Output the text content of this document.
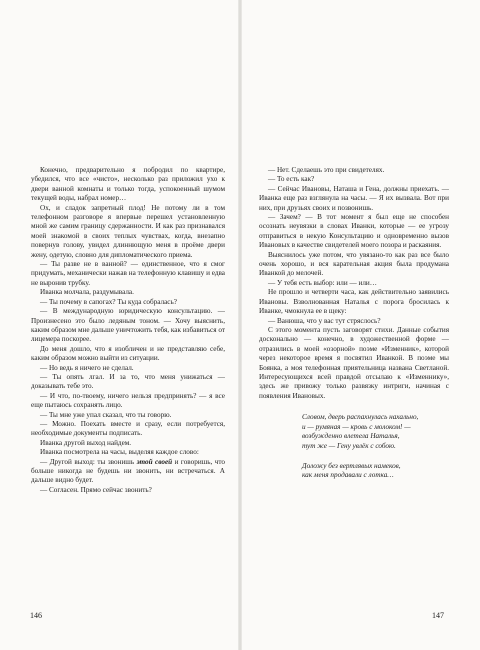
Конечно, предварительно я побродил по квартире, убедился, что все «чисто», несколько раз приложил ухо к двери ванной комнаты и только тогда, успокоенный шумом текущей воды, набрал номер…

Ох, и сладок запретный плод! Не потому ли в том телефонном разговоре я впервые перешел установленную мной же самим границу сдержанности. И как раз признавался моей знакомой в своих теплых чувствах, когда, внезапно повернув голову, увидел длиннющую меня в проёме двери жену, одетую, словно для дипломатического приема.

— Ты разве не в ванной? — единственное, что я смог придумать, механически нажав на телефонную клавишу и едва не выронив трубку.

Иванка молчала, раздумывала.

— Ты почему в сапогах? Ты куда собралась?

— В международную юридическую консультацию. — Произнесено это было ледяным тоном. — Хочу выяснить, каким образом мне дальше уничтожить тебя, как избавиться от лицемера поскорее.

До меня дошло, что я изобличен и не представляю себе, каким образом можно выйти из ситуации.

— Но ведь я ничего не сделал.

— Ты опять лгал. И за то, что меня унижаться — доказывать тебе это.

— И что, по-твоему, ничего нельзя предпринять? — я все еще пытаюсь сохранять лицо.

— Ты мне уже упал сказал, что ты говорю.

— Можно. Поехать вместе и сразу, если потребуется, необходимые документы подписать.

Иванка другой выход найдем.

Иванка посмотрела на часы, выделяя каждое слово:

— Другой выход: ты звонишь этой своей и говоришь, что больше никогда не будешь ни звонить, ни встречаться. А дальше видно будет.

— Согласен. Прямо сейчас звонить?

— Нет. Сделаешь это при свидетелях.

— То есть как?

— Сейчас Ивановы, Наташа и Гена, должны приехать. — Иванка еще раз взглянула на часы. — Я их вызвала. Вот при них, при друзьях своих и позвонишь.

— Зачем? — В тот момент я был еще не способен осознать неувязки в словах Иванки, которые — ее угрозу отправиться в некую Консультацию и одновременно вызов Ивановых в качестве свидетелей моего позора и раскаяния.

Выяснилось уже потом, что увязано-то как раз все было очень хорошо, и вся карательная акция была продумана Иванкой до мелочей.

— У тебя есть выбор: или — или…

Не прошло и четверти часа, как действительно заявились Ивановы. Взволнованная Наталья с порога бросилась к Иванке, чмокнула ее в щеку:

— Ванюша, что у вас тут стряслось?

С этого момента пусть заговорят стихи. Данные события досконально — конечно, в художественной форме — отразились в моей «озорной» поэме «Изменник», которой через некоторое время я посвятил Иванкой. В поэме мы Боянка, а моя телефонная приятельница названа Светланой. Интересующихся всей правдой отсылаю к «Изменнику», здесь же привожу только развязку интриги, начиная с появления Ивановых.

Словом, дверь распахнулась нахально,
и — румяная — кровь с молоком! —
возбужденно влетела Наталья,
тут же — Гену увлёк с собою.
Доложу без вертлявых намеков,
как меня продавали с лотка…
146	147
